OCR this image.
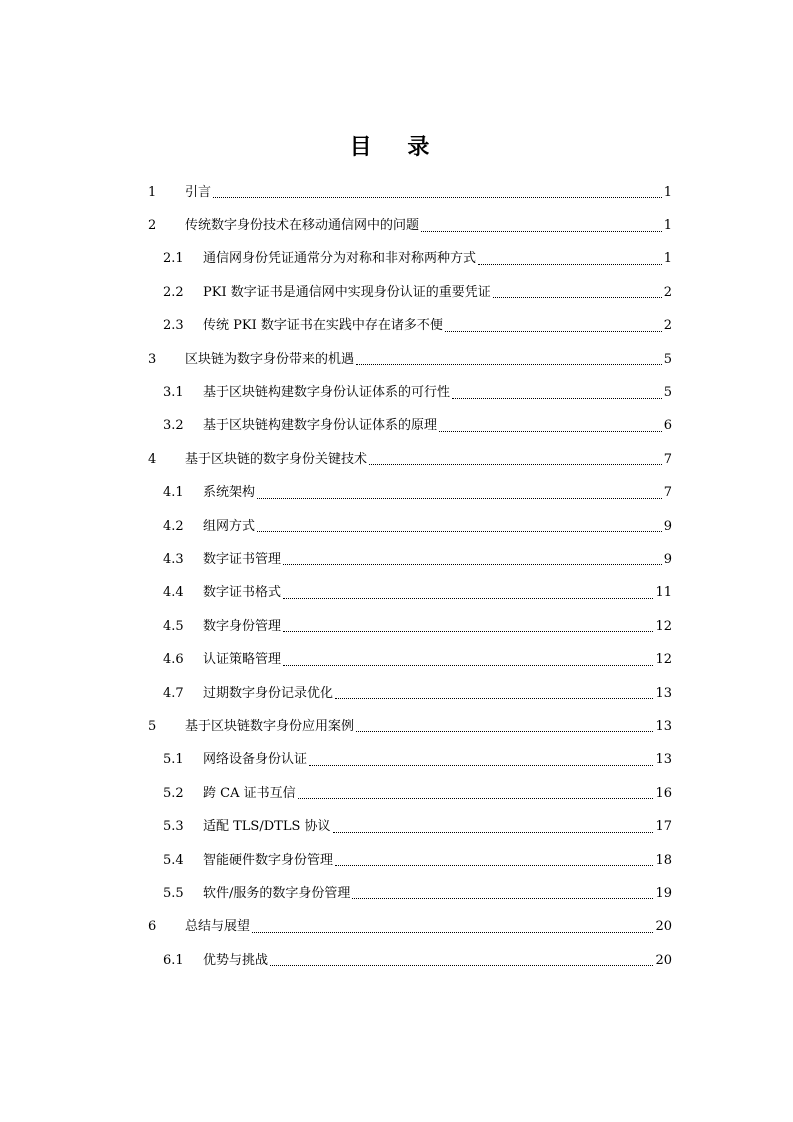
目 录
1	引言	1
2	传统数字身份技术在移动通信网中的问题	1
2.1	通信网身份凭证通常分为对称和非对称两种方式	1
2.2	PKI 数字证书是通信网中实现身份认证的重要凭证	2
2.3	传统 PKI 数字证书在实践中存在诸多不便	2
3	区块链为数字身份带来的机遇	5
3.1	基于区块链构建数字身份认证体系的可行性	5
3.2	基于区块链构建数字身份认证体系的原理	6
4	基于区块链的数字身份关键技术	7
4.1	系统架构	7
4.2	组网方式	9
4.3	数字证书管理	9
4.4	数字证书格式	11
4.5	数字身份管理	12
4.6	认证策略管理	12
4.7	过期数字身份记录优化	13
5	基于区块链数字身份应用案例	13
5.1	网络设备身份认证	13
5.2	跨 CA 证书互信	16
5.3	适配 TLS/DTLS 协议	17
5.4	智能硬件数字身份管理	18
5.5	软件/服务的数字身份管理	19
6	总结与展望	20
6.1	优势与挑战	20
